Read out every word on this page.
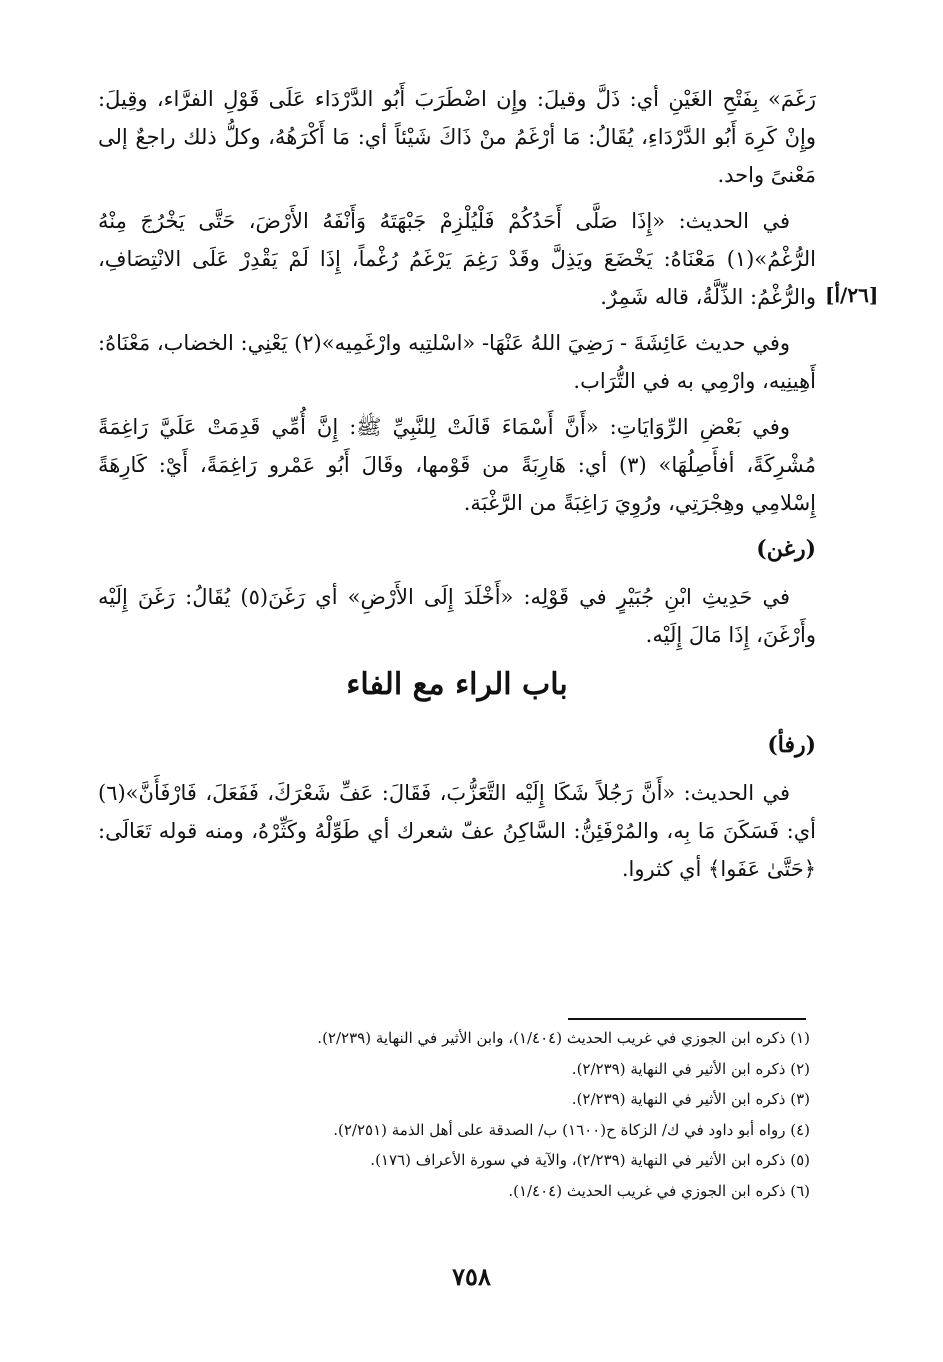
[٢٦/أ]

رَغَمَ» بِفَتْحِ الغَيْنِ أي: ذَلَّ وقيلَ: وإِن اضْطَرَبَ أَبُو الدَّرْدَاء عَلَى قَوْلِ الفرَّاء، وقِيلَ: وإِنْ كَرِهَ أَبُو الدَّرْدَاءِ، يُقَالُ: مَا أرْغَمُ منْ ذَاكَ شَيْئاً أي: مَا أَكْرَهُهُ، وكلُّ ذلك راجعٌ إلى مَعْنىً واحد.

في الحديث: «إِذَا صَلَّى أَحَدُكُمْ فَلْيُلْزِمْ جَبْهَتَهُ وَأَنْفَهُ الأَرْضَ، حَتَّى يَخْرُجَ مِنْهُ الرُّغْمُ»(١) مَعْنَاهُ: يَخْضَعَ ويَذِلَّ وقَدْ رَغِمَ يَرْغَمُ رُغْماً، إِذَا لَمْ يَقْدِرْ عَلَى الانْتِصَافِ، والرُّغْمُ: الذِّلَّةُ، قاله شَمِرٌ.

وفي حديث عَائِشَةَ - رَضِيَ اللهُ عَنْهَا- «اسْلتِيه وارْغَمِيه»(٢) يَعْنِي: الخضاب، مَعْنَاهُ: أَهِينِيه، وارْمِي به في التُّرَاب.

وفي بَعْضِ الرِّوَايَاتِ: «أَنَّ أَسْمَاءَ قَالَتْ لِلنَّبِيِّ ﷺ: إِنَّ أُمِّي قَدِمَتْ عَلَيَّ رَاغِمَةً مُشْرِكَةً، أفأَصِلُهَا» (٣) أي: هَارِبَةً من قَوْمها، وقَالَ أَبُو عَمْرو رَاغِمَةً، أَيْ: كَارِهَةً إِسْلامِي وهِجْرَتِي، ورُوِيَ رَاغِبَةً من الرَّغْبَة.

(رغن)

في حَدِيثِ ابْنِ جُبَيْرٍ في قَوْلِه: «أَخْلَدَ إِلَى الأَرْضِ» أي رَغَنَ(٥) يُقَالُ: رَغَنَ إِلَيْه وأَرْغَنَ، إِذَا مَالَ إِلَيْه.

باب الراء مع الفاء
(رفأ)

في الحديث: «أَنَّ رَجُلاً شَكَا إِلَيْه التَّعَزُّبَ، فَقَالَ: عَفِّ شَعْرَكَ، فَفَعَلَ، فَارْفَأَنَّ»(٦) أي: فَسَكَنَ مَا بِه، والمُرْفَئِنُّ: السَّاكِنُ عفّ شعرك أي طَوِّلْهُ وكَثِّرْهُ، ومنه قوله تَعَالَى: ﴿حَتَّىٰ عَفَوا﴾ أي كثروا.

(١) ذكره ابن الجوزي في غريب الحديث (١/٤٠٤)، وابن الأثير في النهاية (٢/٢٣٩).

(٢) ذكره ابن الأثير في النهاية (٢/٢٣٩).

(٣) ذكره ابن الأثير في النهاية (٢/٢٣٩).

(٤) رواه أبو داود في ك/ الزكاة ح(١٦٠٠) ب/ الصدقة على أهل الذمة (٢/٢٥١).

(٥) ذكره ابن الأثير في النهاية (٢/٢٣٩)، والآية في سورة الأعراف (١٧٦).

(٦) ذكره ابن الجوزي في غريب الحديث (١/٤٠٤).

٧٥٨
